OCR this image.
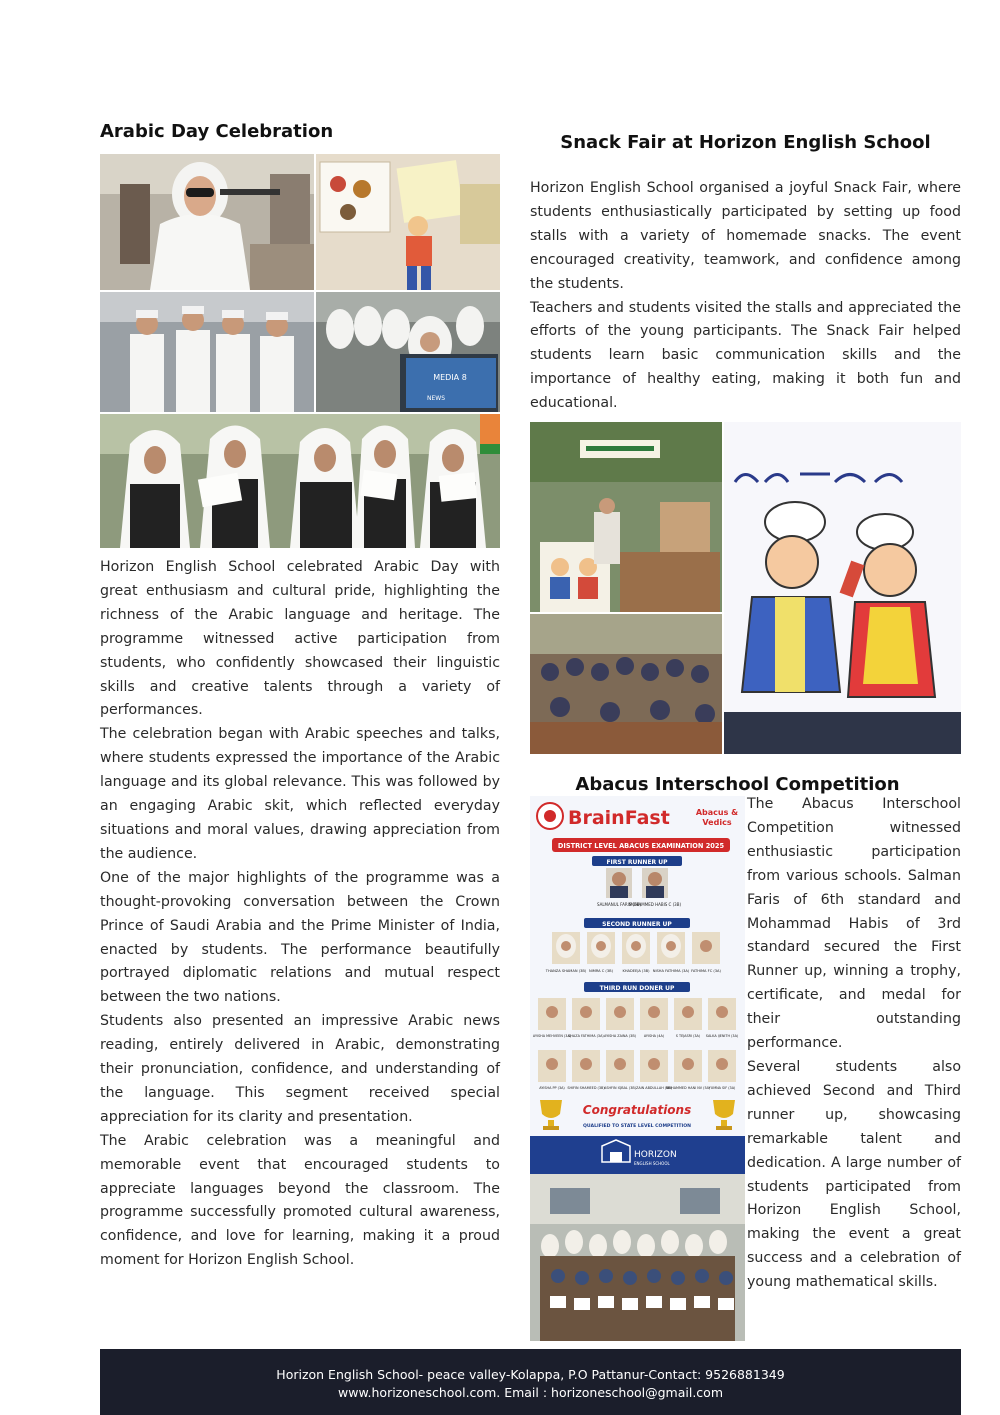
Arabic Day Celebration
MEDIA 8
NEWS

Horizon English School celebrated Arabic Day with great enthusiasm and cultural pride, highlighting the richness of the Arabic language and heritage. The programme witnessed active participation from students, who confidently showcased their linguistic skills and creative talents through a variety of performances.

The celebration began with Arabic speeches and talks, where students expressed the importance of the Arabic language and its global relevance. This was followed by an engaging Arabic skit, which reflected everyday situations and moral values, drawing appreciation from the audience.

One of the major highlights of the programme was a thought-provoking conversation between the Crown Prince of Saudi Arabia and the Prime Minister of India, enacted by students. The performance beautifully portrayed diplomatic relations and mutual respect between the two nations.

Students also presented an impressive Arabic news reading, entirely delivered in Arabic, demonstrating their pronunciation, confidence, and understanding of the language. This segment received special appreciation for its clarity and presentation.

The Arabic celebration was a meaningful and memorable event that encouraged students to appreciate languages beyond the classroom. The programme successfully promoted cultural awareness, confidence, and love for learning, making it a proud moment for Horizon English School.

Snack Fair at Horizon English School

Horizon English School organised a joyful Snack Fair, where students enthusiastically participated by setting up food stalls with a variety of homemade snacks. The event encouraged creativity, teamwork, and confidence among the students.

Teachers and students visited the stalls and appreciated the efforts of the young participants. The Snack Fair helped students learn basic communication skills and the importance of healthy eating, making it both fun and educational.

Abacus Interschool Competition
BrainFast	Abacus &
Vedics
DISTRICT LEVEL ABACUS EXAMINATION 2025
FIRST RUNNER UP
SALMANUL FARIS (6B)
MOHAMMED HABIS C (3B)
SECOND RUNNER UP
THANZA SHAMAN (3B) NIMRA C (3B)	KHADEEJA (3B) NISHA FATHIMA (3A) FATHIMA FC (3A)
THIRD RUN DONER UP
AYISHA MEHVEEN (3A)
SHAZA FATHIMA (3A) AYISHA ZAINA (3B) AYISHA (4A)	S TEJASRI (3A) SALKA IJENITH (3A)
AYISHA PP (3A) SHIFIN SHAMEED (3B) ASHFIN IQBAL (3B) ZAIN ABDULLAH (3B)
MUHAMMED HANI NV (5A)
YUMNA SIF (3A)
Congratulations
QUALIFIED TO STATE LEVEL COMPETITION
HORIZON
ENGLISH SCHOOL

The Abacus Interschool Competition witnessed enthusiastic participation from various schools. Salman Faris of 6th standard and Mohammad Habis of 3rd standard secured the First Runner up, winning a trophy, certificate, and medal for their outstanding performance.

Several students also achieved Second and Third runner up, showcasing remarkable talent and dedication. A large number of students participated from Horizon English School, making the event a great success and a celebration of young mathematical skills.

Horizon English School- peace valley-Kolappa, P.O Pattanur-Contact: 9526881349
www.horizoneschool.com. Email : horizoneschool@gmail.com
